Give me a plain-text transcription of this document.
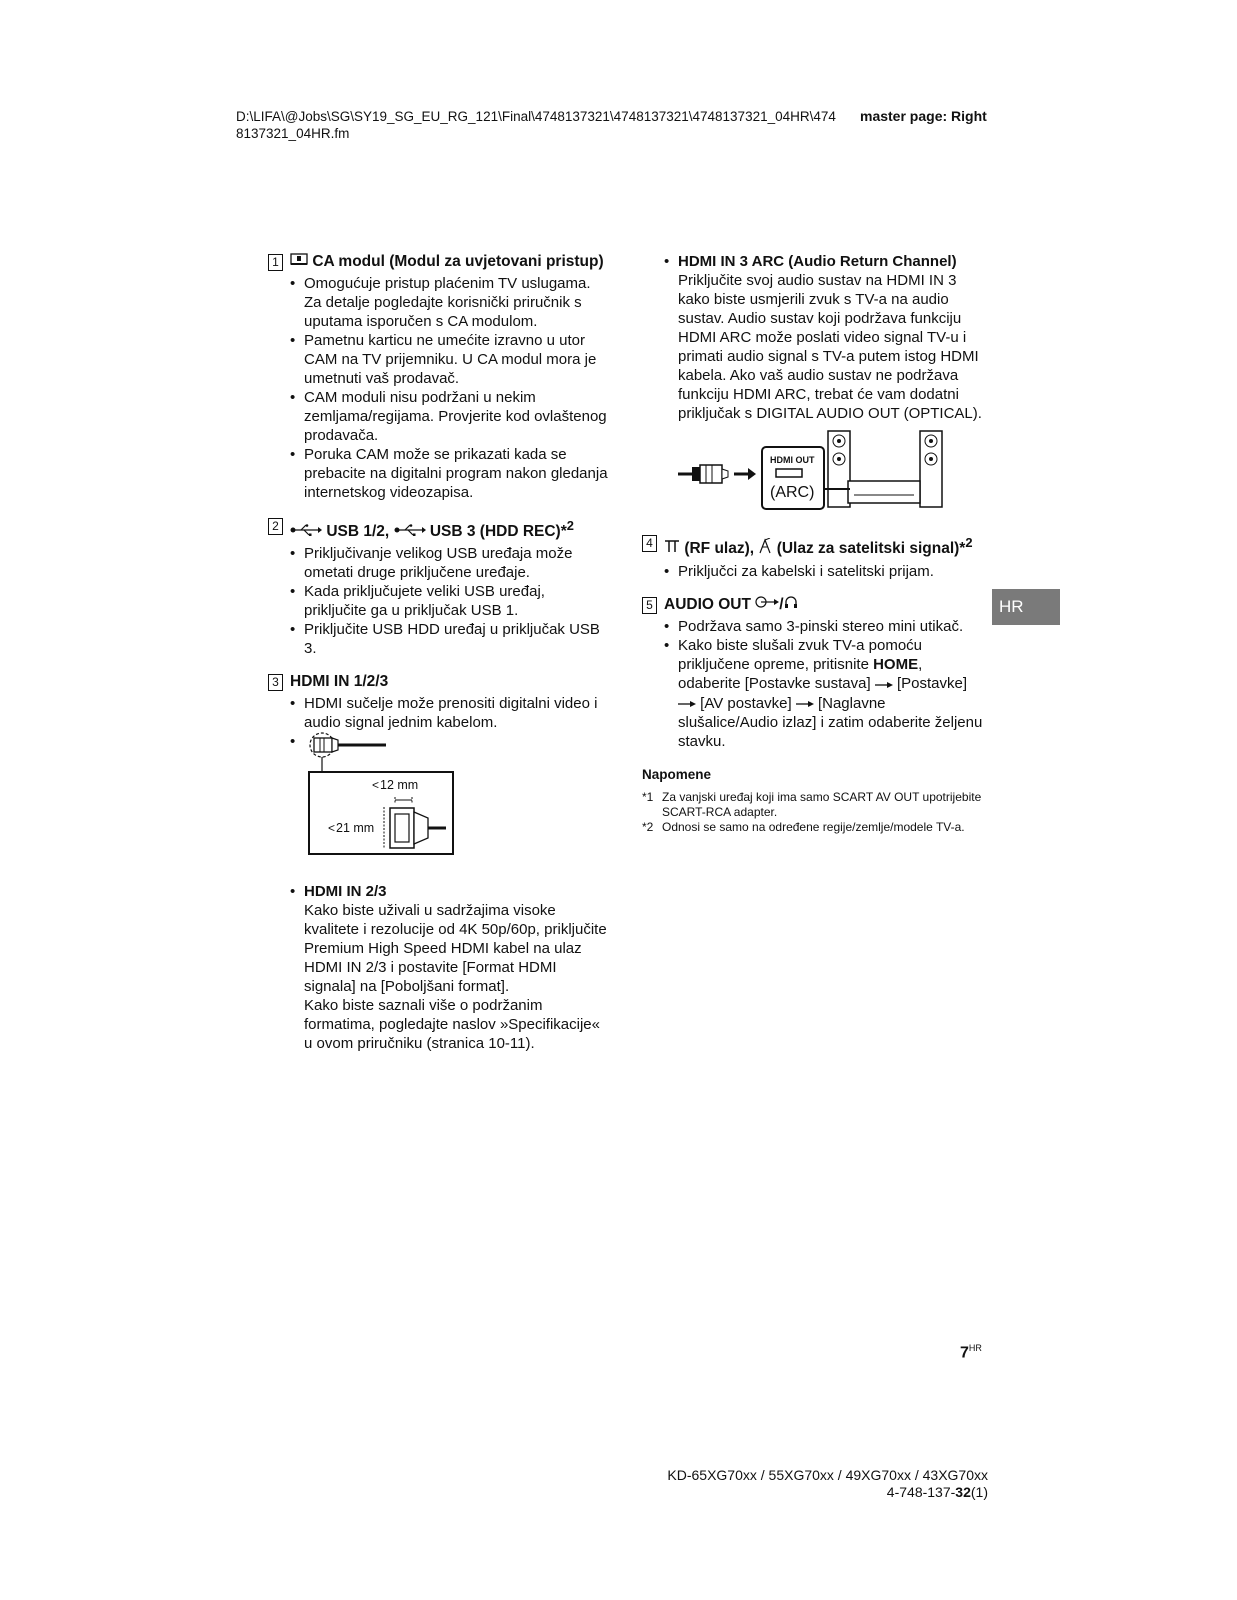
D:\LIFA\@Jobs\SG\SY19_SG_EU_RG_121\Final\4748137321\4748137321\4748137321_04HR\4748137321_04HR.fm
master page: Right
1 CA modul (Modul za uvjetovani pristup)
• Omogućuje pristup plaćenim TV uslugama. Za detalje pogledajte korisnički priručnik s uputama isporučen s CA modulom.
• Pametnu karticu ne umećite izravno u utor CAM na TV prijemniku. U CA modul mora je umetnuti vaš prodavač.
• CAM moduli nisu podržani u nekim zemljama/regijama. Provjerite kod ovlaštenog prodavača.
• Poruka CAM može se prikazati kada se prebacite na digitalni program nakon gledanja internetskog videozapisa.
2	USB 1/2,	USB 3 (HDD REC)*$^2$
• Priključivanje velikog USB uređaja može ometati druge priključene uređaje.
• Kada priključujete veliki USB uređaj, priključite ga u priključak USB 1.
• Priključite USB HDD uređaj u priključak USB 3.
3 HDMI IN 1/2/3
• HDMI sučelje može prenositi digitalni video i audio signal jednim kabelom.
• < 12 mm
< 21 mm
• HDMI IN 2/3
Kako biste uživali u sadržajima visoke kvalitete i rezolucije od 4K 50p/60p, priključite Premium High Speed HDMI kabel na ulaz HDMI IN 2/3 i postavite [Format HDMI signala] na [Poboljšani format].
Kako biste saznali više o podržanim formatima, pogledajte naslov »Specifikacije« u ovom priručniku (stranica 10-11).
• HDMI IN 3 ARC (Audio Return Channel)
Priključite svoj audio sustav na HDMI IN 3 kako biste usmjerili zvuk s TV-a na audio sustav. Audio sustav koji podržava funkciju HDMI ARC može poslati video signal TV-u i primati audio signal s TV-a putem istog HDMI kabela. Ako vaš audio sustav ne podržava funkciju HDMI ARC, trebat će vam dodatni priključak s DIGITAL AUDIO OUT (OPTICAL).
HDMI OUT
(ARC)
4 (RF ulaz), (Ulaz za satelitski signal)*$^2$
• Priključci za kabelski i satelitski prijam.
5 AUDIO OUT /
• Podržava samo 3-pinski stereo mini utikač.
• Kako biste slušali zvuk TV-a pomoću priključene opreme, pritisnite HOME, odaberite [Postavke sustava] [Postavke]  [AV postavke] [Naglavne slušalice/Audio izlaz] i zatim odaberite željenu stavku.
Napomene
*1 Za vanjski uređaj koji ima samo SCART AV OUT upotrijebite SCART-RCA adapter.
*2 Odnosi se samo na određene regije/zemlje/modele TV-a.
HR
$7^{HR}$
KD-65XG70xx / 55XG70xx / 49XG70xx / 43XG70xx
4-748-137-32(1)
